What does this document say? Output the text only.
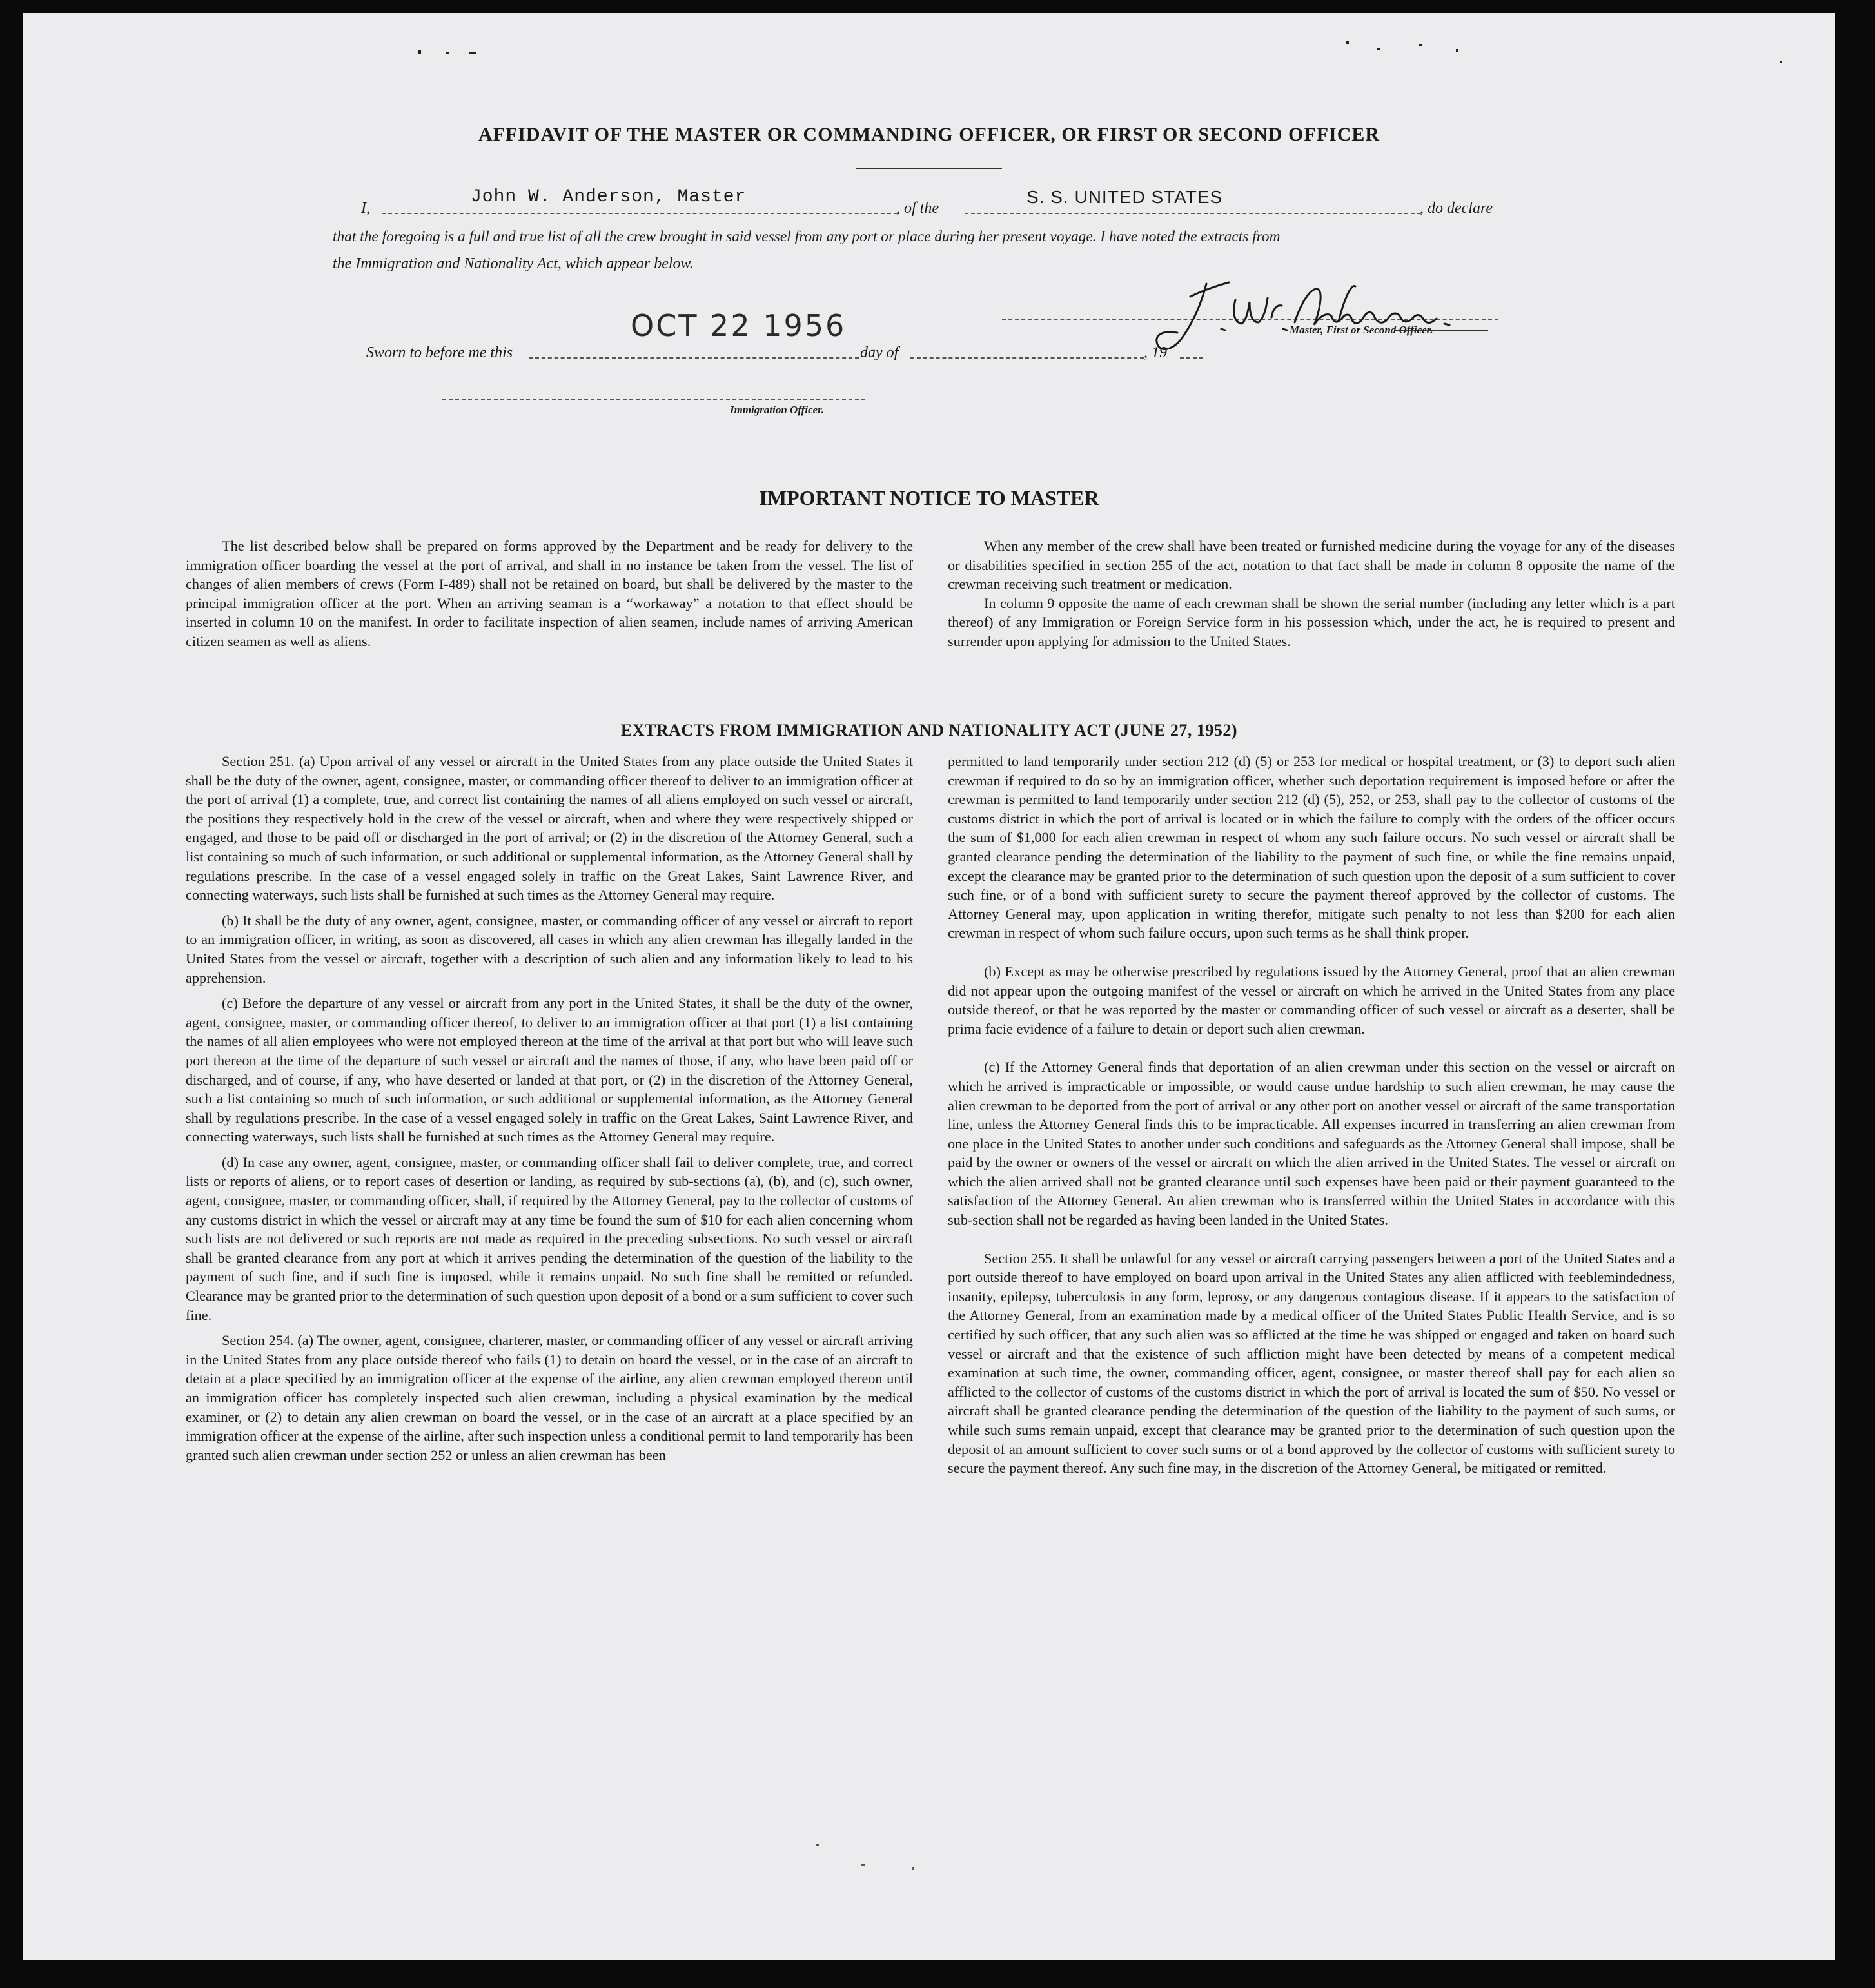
AFFIDAVIT OF THE MASTER OR COMMANDING OFFICER, OR FIRST OR SECOND OFFICER
I,
John W. Anderson, Master
, of the
S. S. UNITED STATES
, do declare
that the foregoing is a full and true list of all the crew brought in said vessel from any port or place during her present voyage. I have noted the extracts from
the Immigration and Nationality Act, which appear below.
Master, First or Second Officer.
Sworn to before me this
OCT 22 1956
day of	, 19
Immigration Officer.
IMPORTANT NOTICE TO MASTER

The list described below shall be prepared on forms approved by the Department and be ready for delivery to the immigration officer boarding the vessel at the port of arrival, and shall in no instance be taken from the vessel. The list of changes of alien members of crews (Form I-489) shall not be retained on board, but shall be delivered by the master to the principal immigration officer at the port. When an arriving seaman is a “workaway” a notation to that effect should be inserted in column 10 on the manifest. In order to facilitate inspection of alien seamen, include names of arriving American citizen seamen as well as aliens.

When any member of the crew shall have been treated or furnished medicine during the voyage for any of the diseases or disabilities specified in section 255 of the act, notation to that fact shall be made in column 8 opposite the name of the crewman receiving such treatment or medication.

In column 9 opposite the name of each crewman shall be shown the serial number (including any letter which is a part thereof) of any Immigration or Foreign Service form in his possession which, under the act, he is required to present and surrender upon applying for admission to the United States.

EXTRACTS FROM IMMIGRATION AND NATIONALITY ACT (JUNE 27, 1952)

Section 251. (a) Upon arrival of any vessel or aircraft in the United States from any place outside the United States it shall be the duty of the owner, agent, consignee, master, or commanding officer thereof to deliver to an immigration officer at the port of arrival (1) a complete, true, and correct list containing the names of all aliens employed on such vessel or aircraft, the positions they respectively hold in the crew of the vessel or aircraft, when and where they were respectively shipped or engaged, and those to be paid off or discharged in the port of arrival; or (2) in the discretion of the Attorney General, such a list containing so much of such information, or such additional or supplemental information, as the Attorney General shall by regulations prescribe. In the case of a vessel engaged solely in traffic on the Great Lakes, Saint Lawrence River, and connecting waterways, such lists shall be furnished at such times as the Attorney General may require.

(b) It shall be the duty of any owner, agent, consignee, master, or commanding officer of any vessel or aircraft to report to an immigration officer, in writing, as soon as discovered, all cases in which any alien crewman has illegally landed in the United States from the vessel or aircraft, together with a description of such alien and any information likely to lead to his apprehension.

(c) Before the departure of any vessel or aircraft from any port in the United States, it shall be the duty of the owner, agent, consignee, master, or commanding officer thereof, to deliver to an immigration officer at that port (1) a list containing the names of all alien employees who were not employed thereon at the time of the arrival at that port but who will leave such port thereon at the time of the departure of such vessel or aircraft and the names of those, if any, who have been paid off or discharged, and of course, if any, who have deserted or landed at that port, or (2) in the discretion of the Attorney General, such a list containing so much of such information, or such additional or supplemental information, as the Attorney General shall by regulations prescribe. In the case of a vessel engaged solely in traffic on the Great Lakes, Saint Lawrence River, and connecting waterways, such lists shall be furnished at such times as the Attorney General may require.

(d) In case any owner, agent, consignee, master, or commanding officer shall fail to deliver complete, true, and correct lists or reports of aliens, or to report cases of desertion or landing, as required by sub-sections (a), (b), and (c), such owner, agent, consignee, master, or commanding officer, shall, if required by the Attorney General, pay to the collector of customs of any customs district in which the vessel or aircraft may at any time be found the sum of $10 for each alien concerning whom such lists are not delivered or such reports are not made as required in the preceding subsections. No such vessel or aircraft shall be granted clearance from any port at which it arrives pending the determination of the question of the liability to the payment of such fine, and if such fine is imposed, while it remains unpaid. No such fine shall be remitted or refunded. Clearance may be granted prior to the determination of such question upon deposit of a bond or a sum sufficient to cover such fine.

Section 254. (a) The owner, agent, consignee, charterer, master, or commanding officer of any vessel or aircraft arriving in the United States from any place outside thereof who fails (1) to detain on board the vessel, or in the case of an aircraft to detain at a place specified by an immigration officer at the expense of the airline, any alien crewman employed thereon until an immigration officer has completely inspected such alien crewman, including a physical examination by the medical examiner, or (2) to detain any alien crewman on board the vessel, or in the case of an aircraft at a place specified by an immigration officer at the expense of the airline, after such inspection unless a conditional permit to land temporarily has been granted such alien crewman under section 252 or unless an alien crewman has been

permitted to land temporarily under section 212 (d) (5) or 253 for medical or hospital treatment, or (3) to deport such alien crewman if required to do so by an immigration officer, whether such deportation requirement is imposed before or after the crewman is permitted to land temporarily under section 212 (d) (5), 252, or 253, shall pay to the collector of customs of the customs district in which the port of arrival is located or in which the failure to comply with the orders of the officer occurs the sum of $1,000 for each alien crewman in respect of whom any such failure occurs. No such vessel or aircraft shall be granted clearance pending the determination of the liability to the payment of such fine, or while the fine remains unpaid, except the clearance may be granted prior to the determination of such question upon the deposit of a sum sufficient to cover such fine, or of a bond with sufficient surety to secure the payment thereof approved by the collector of customs. The Attorney General may, upon application in writing therefor, mitigate such penalty to not less than $200 for each alien crewman in respect of whom such failure occurs, upon such terms as he shall think proper.

(b) Except as may be otherwise prescribed by regulations issued by the Attorney General, proof that an alien crewman did not appear upon the outgoing manifest of the vessel or aircraft on which he arrived in the United States from any place outside thereof, or that he was reported by the master or commanding officer of such vessel or aircraft as a deserter, shall be prima facie evidence of a failure to detain or deport such alien crewman.

(c) If the Attorney General finds that deportation of an alien crewman under this section on the vessel or aircraft on which he arrived is impracticable or impossible, or would cause undue hardship to such alien crewman, he may cause the alien crewman to be deported from the port of arrival or any other port on another vessel or aircraft of the same transportation line, unless the Attorney General finds this to be impracticable. All expenses incurred in transferring an alien crewman from one place in the United States to another under such conditions and safeguards as the Attorney General shall impose, shall be paid by the owner or owners of the vessel or aircraft on which the alien arrived in the United States. The vessel or aircraft on which the alien arrived shall not be granted clearance until such expenses have been paid or their payment guaranteed to the satisfaction of the Attorney General. An alien crewman who is transferred within the United States in accordance with this sub-section shall not be regarded as having been landed in the United States.

Section 255. It shall be unlawful for any vessel or aircraft carrying passengers between a port of the United States and a port outside thereof to have employed on board upon arrival in the United States any alien afflicted with feeblemindedness, insanity, epilepsy, tuberculosis in any form, leprosy, or any dangerous contagious disease. If it appears to the satisfaction of the Attorney General, from an examination made by a medical officer of the United States Public Health Service, and is so certified by such officer, that any such alien was so afflicted at the time he was shipped or engaged and taken on board such vessel or aircraft and that the existence of such affliction might have been detected by means of a competent medical examination at such time, the owner, commanding officer, agent, consignee, or master thereof shall pay for each alien so afflicted to the collector of customs of the customs district in which the port of arrival is located the sum of $50. No vessel or aircraft shall be granted clearance pending the determination of the question of the liability to the payment of such sums, or while such sums remain unpaid, except that clearance may be granted prior to the determination of such question upon the deposit of an amount sufficient to cover such sums or of a bond approved by the collector of customs with sufficient surety to secure the payment thereof. Any such fine may, in the discretion of the Attorney General, be mitigated or remitted.
